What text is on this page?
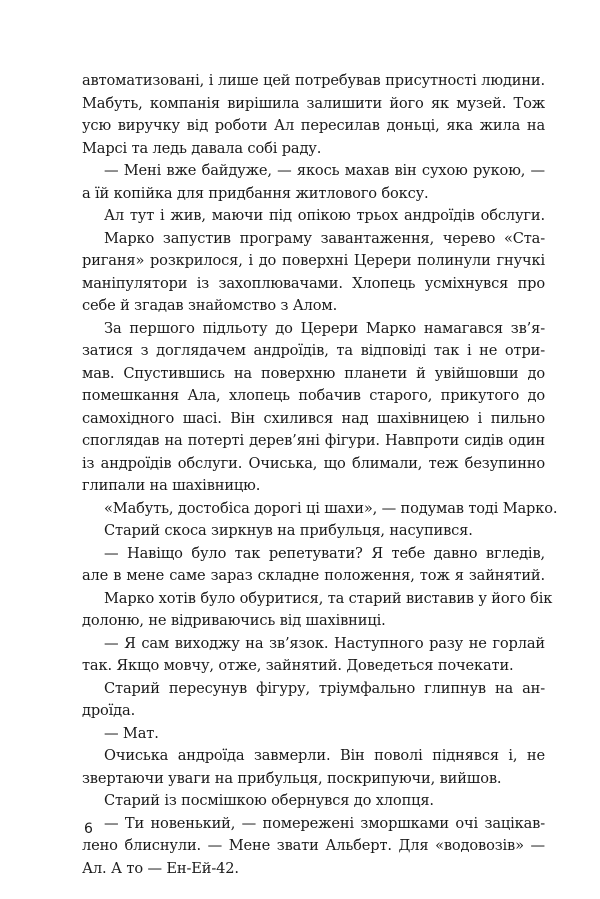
автоматизовані, і лише цей потребував присутності людини.
Мабуть, компанія вирішила залишити його як музей. Тож
усю виручку від роботи Ал пересилав доньці, яка жила на
Марсі та ледь давала собі раду.
— Мені вже байдуже, — якось махав він сухою рукою, —
а їй копійка для придбання житлового боксу.
Ал тут і жив, маючи під опікою трьох андроїдів обслуги.
Марко запустив програму завантаження, черево «Ста-
риганя» розкрилося, і до поверхні Церери полинули гнучкі
маніпулятори із захоплювачами. Хлопець усміхнувся про
себе й згадав знайомство з Алом.
За першого підльоту до Церери Марко намагався зв’я-
затися з доглядачем андроїдів, та відповіді так і не отри-
мав. Спустившись на поверхню планети й увійшовши до
помешкання Ала, хлопець побачив старого, прикутого до
самохідного шасі. Він схилився над шахівницею і пильно
споглядав на потерті дерев’яні фігури. Навпроти сидів один
із андроїдів обслуги. Очиська, що блимали, теж безупинно
глипали на шахівницю.
«Мабуть, достобіса дорогі ці шахи», — подумав тоді Марко.
Старий скоса зиркнув на прибульця, насупився.
— Навіщо було так репетувати? Я тебе давно вгледів,
але в мене саме зараз складне положення, тож я зайнятий.
Марко хотів було обуритися, та старий виставив у його бік
долоню, не відриваючись від шахівниці.
— Я сам виходжу на зв’язок. Наступного разу не горлай
так. Якщо мовчу, отже, зайнятий. Доведеться почекати.
Старий пересунув фігуру, тріумфально глипнув на ан-
дроїда.
— Мат.
Очиська андроїда завмерли. Він поволі піднявся і, не
звертаючи уваги на прибульця, поскрипуючи, вийшов.
Старий із посмішкою обернувся до хлопця.
— Ти новенький, — помережені зморшками очі зацікав-
лено блиснули. — Мене звати Альберт. Для «водовозів» —
Ал. А то — Ен-Ей-42.
6
